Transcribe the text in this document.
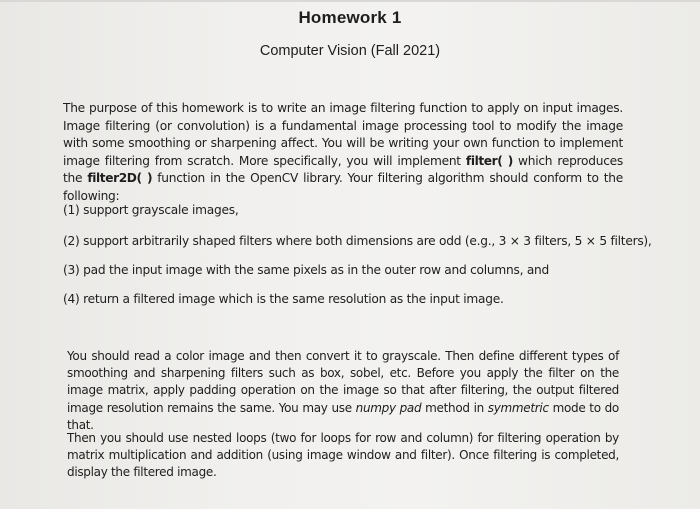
Homework 1
Computer Vision (Fall 2021)
The purpose of this homework is to write an image filtering function to apply on input images. Image filtering (or convolution) is a fundamental image processing tool to modify the image with some smoothing or sharpening affect. You will be writing your own function to implement image filtering from scratch. More specifically, you will implement filter( ) which reproduces the filter2D( ) function in the OpenCV library. Your filtering algorithm should conform to the following:
(1) support grayscale images,
(2) support arbitrarily shaped filters where both dimensions are odd (e.g., 3 × 3 filters, 5 × 5 filters),
(3) pad the input image with the same pixels as in the outer row and columns, and
(4) return a filtered image which is the same resolution as the input image.
You should read a color image and then convert it to grayscale. Then define different types of smoothing and sharpening filters such as box, sobel, etc. Before you apply the filter on the image matrix, apply padding operation on the image so that after filtering, the output filtered image resolution remains the same. You may use numpy pad method in symmetric mode to do that.
Then you should use nested loops (two for loops for row and column) for filtering operation by matrix multiplication and addition (using image window and filter). Once filtering is completed, display the filtered image.
